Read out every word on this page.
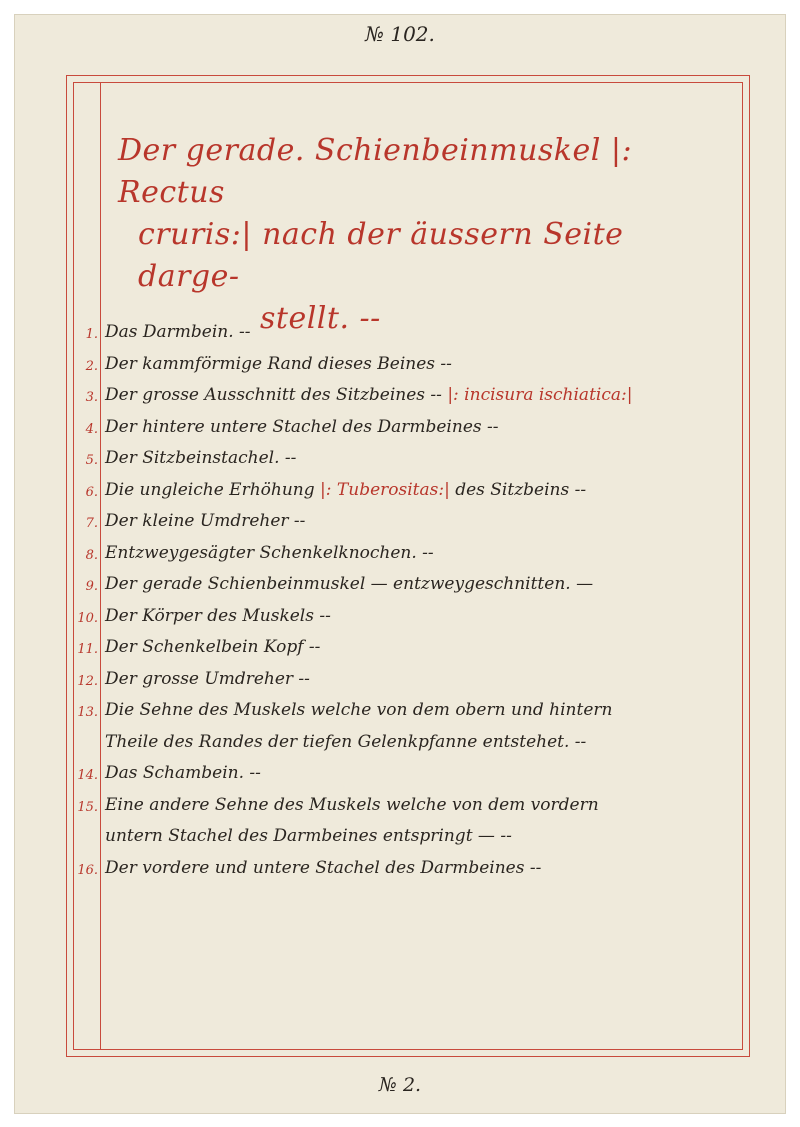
№ 102.
Der gerade. Schienbeinmuskel |: Rectus
cruris:| nach der äussern Seite darge-
stellt. --
1. Das Darmbein. --
2. Der kammförmige Rand dieses Beines --
3. Der grosse Ausschnitt des Sitzbeines -- |: incisura ischiatica:|
4. Der hintere untere Stachel des Darmbeines --
5. Der Sitzbeinstachel. --
6. Die ungleiche Erhöhung |: Tuberositas:| des Sitzbeins --
7. Der kleine Umdreher --
8. Entzweygesägter Schenkelknochen. --
9. Der gerade Schienbeinmuskel — entzweygeschnitten. —
10. Der Körper des Muskels --
11. Der Schenkelbein Kopf --
12. Der grosse Umdreher --
13. Die Sehne des Muskels welche von dem obern und hintern
Theile des Randes der tiefen Gelenkpfanne entstehet. --
14. Das Schambein. --
15. Eine andere Sehne des Muskels welche von dem vordern
untern Stachel des Darmbeines entspringt — --
16. Der vordere und untere Stachel des Darmbeines --
№ 2.
